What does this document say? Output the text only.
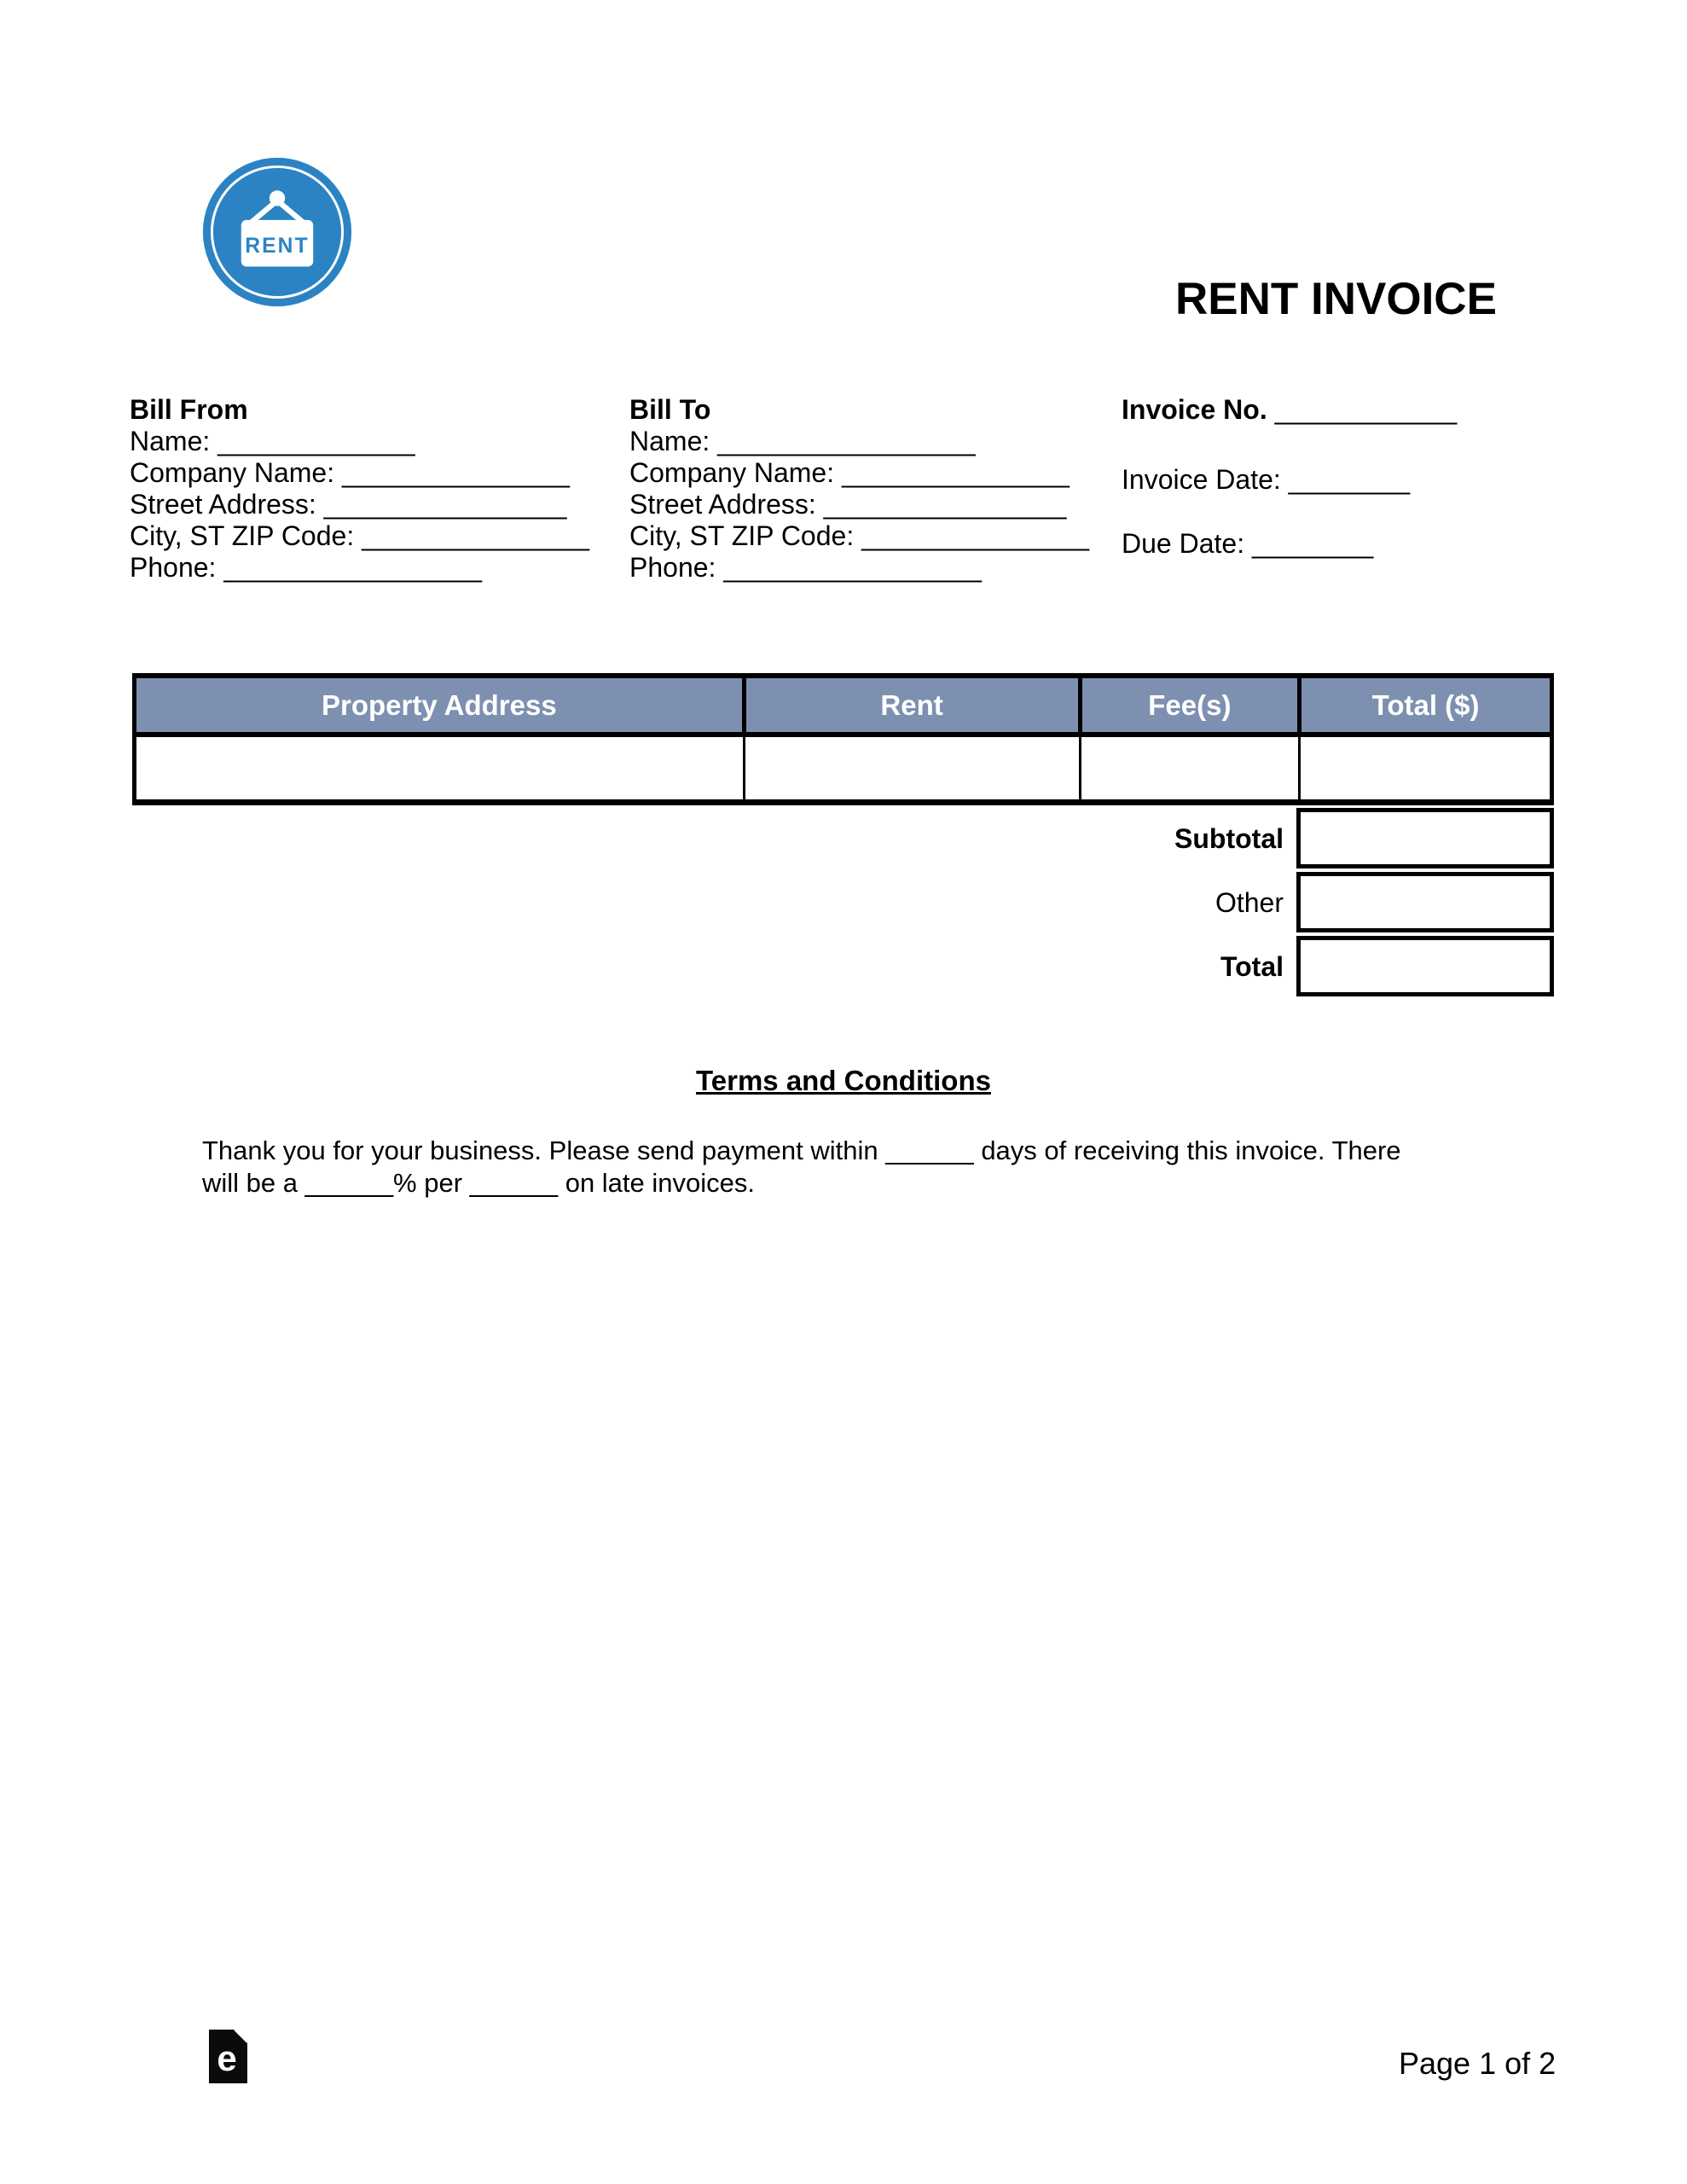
RENT
RENT INVOICE
Bill From
Name: _____________
Company Name: _______________
Street Address: ________________
City, ST ZIP Code: _______________
Phone: _________________
Bill To
Name: _________________
Company Name: _______________
Street Address: ________________
City, ST ZIP Code: _______________
Phone: _________________
Invoice No. ____________
Invoice Date: ________
Due Date: ________
Property Address	Rent	Fee(s)	Total ($)

Subtotal
Other
Total
Terms and Conditions
Thank you for your business. Please send payment within ______ days of receiving this invoice. There
will be a ______% per ______ on late invoices.
e	Page 1 of 2
